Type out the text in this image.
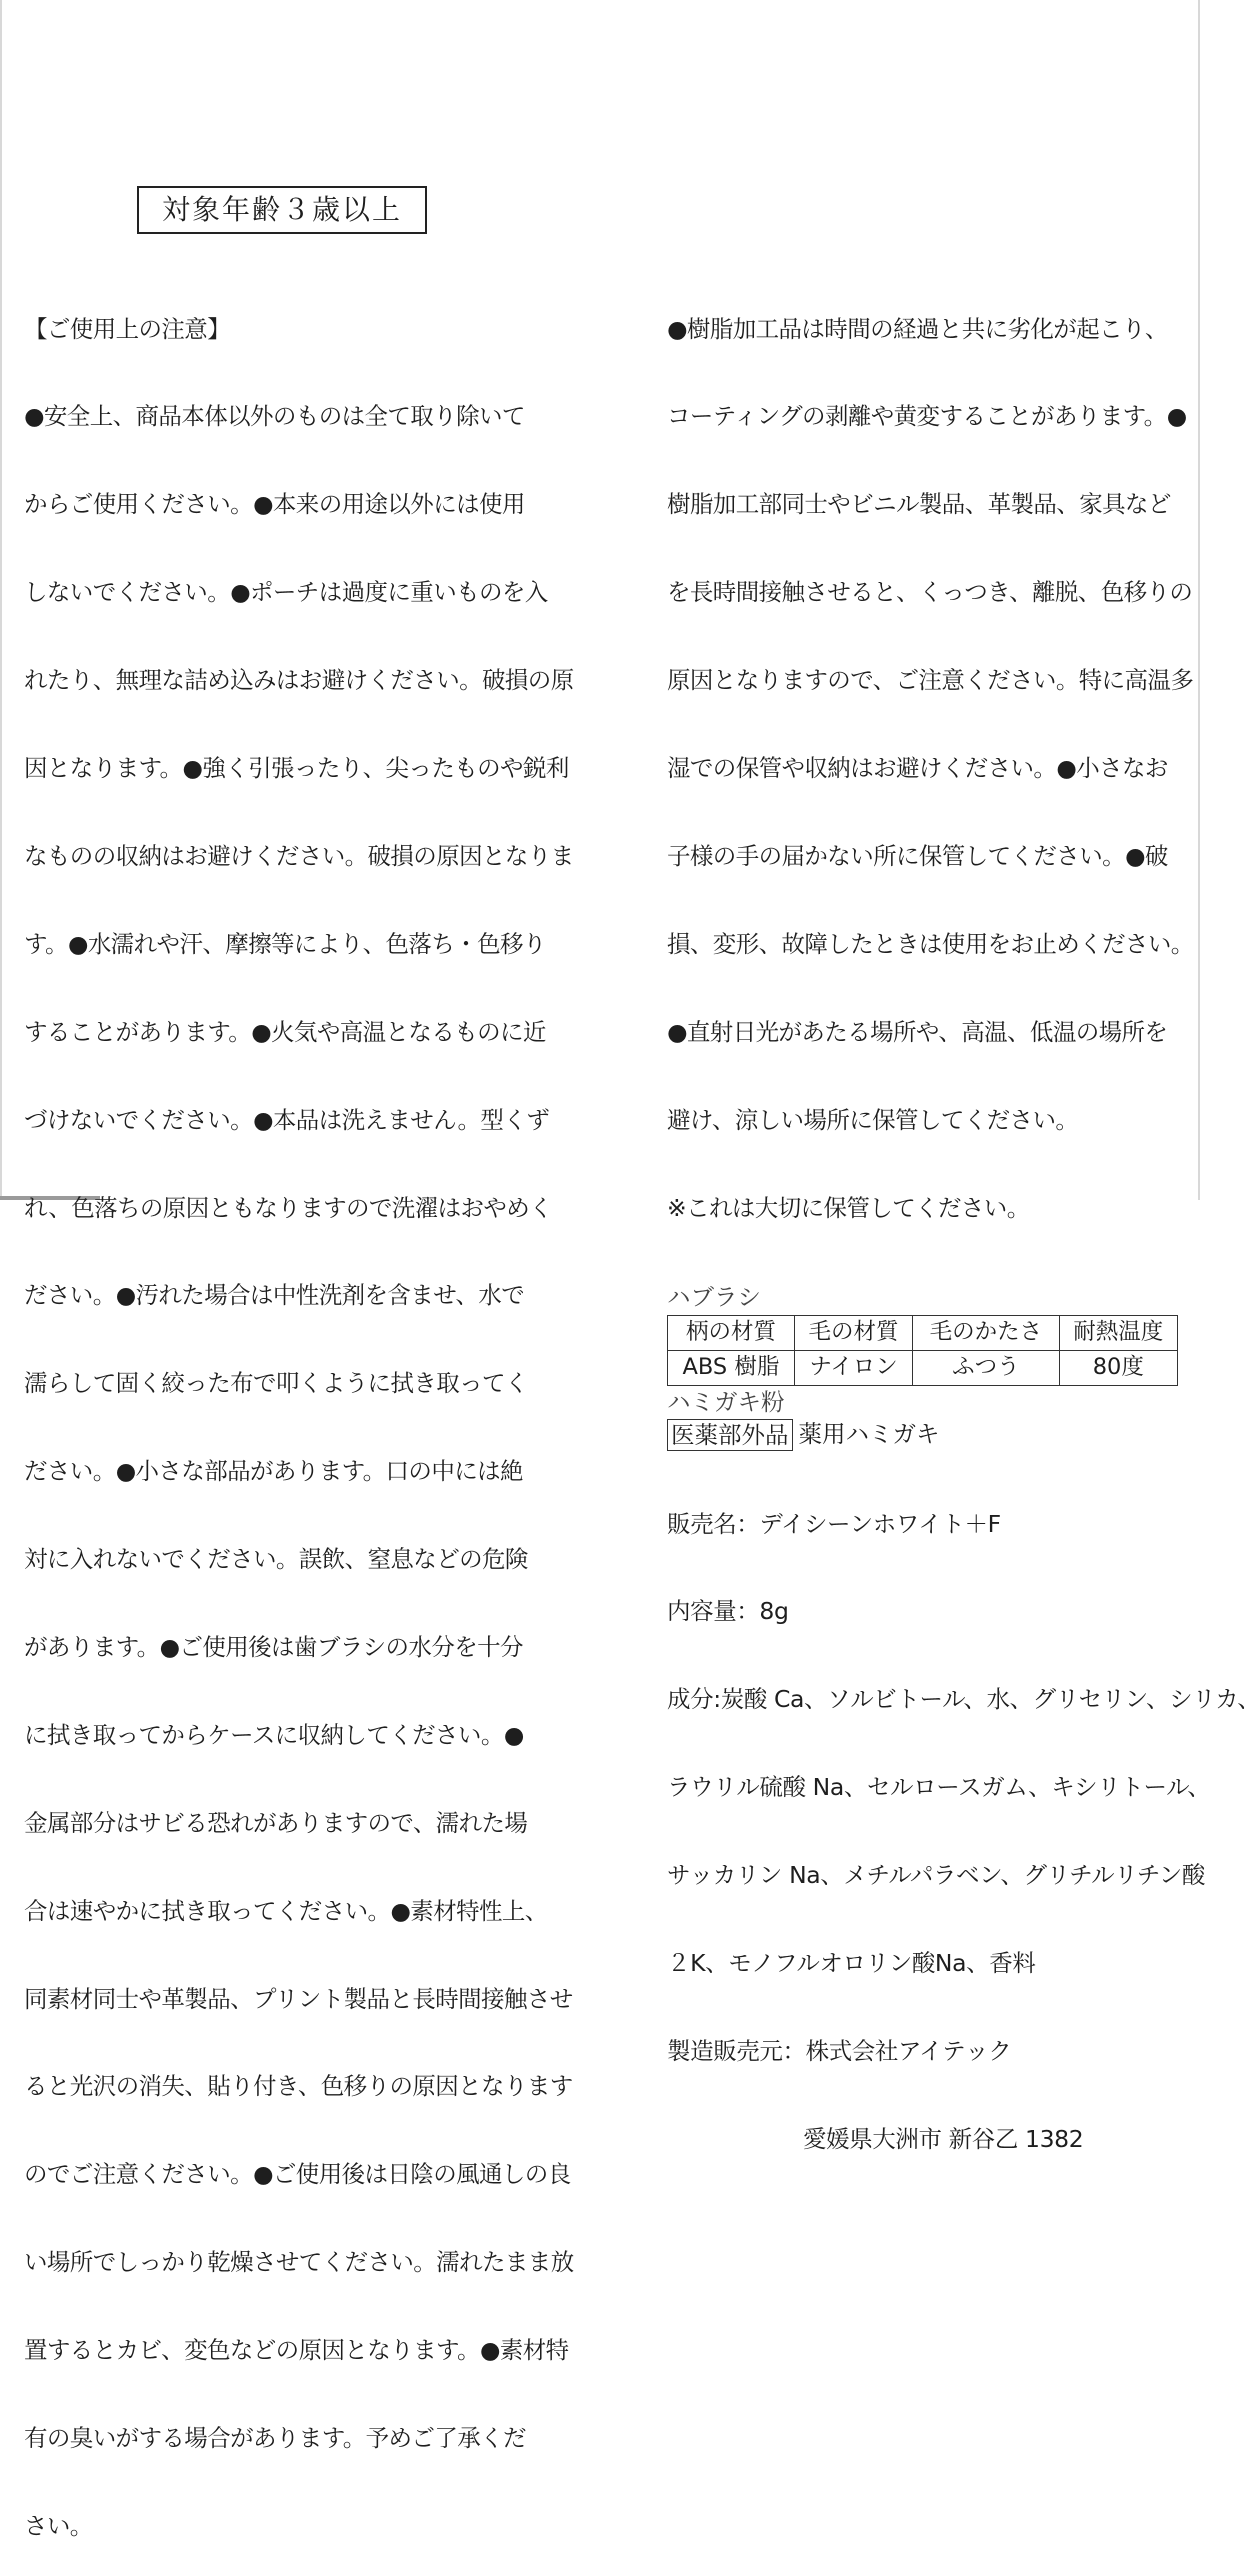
対象年齢３歳以上

【ご使用上の注意】

●安全上、商品本体以外のものは全て取り除いて

からご使用ください。●本来の用途以外には使用

しないでください。●ポーチは過度に重いものを入

れたり、無理な詰め込みはお避けください。破損の原

因となります。●強く引張ったり、尖ったものや鋭利

なものの収納はお避けください。破損の原因となりま

す。●水濡れや汗、摩擦等により、色落ち・色移り

することがあります。●火気や高温となるものに近

づけないでください。●本品は洗えません。型くず

れ、色落ちの原因ともなりますので洗濯はおやめく

ださい。●汚れた場合は中性洗剤を含ませ、水で

濡らして固く絞った布で叩くように拭き取ってく

ださい。●小さな部品があります。口の中には絶

対に入れないでください。誤飲、窒息などの危険

があります。●ご使用後は歯ブラシの水分を十分

に拭き取ってからケースに収納してください。●

金属部分はサビる恐れがありますので、濡れた場

合は速やかに拭き取ってください。●素材特性上、

同素材同士や革製品、プリント製品と長時間接触させ

ると光沢の消失、貼り付き、色移りの原因となります

のでご注意ください。●ご使用後は日陰の風通しの良

い場所でしっかり乾燥させてください。濡れたまま放

置するとカビ、変色などの原因となります。●素材特

有の臭いがする場合があります。予めご了承くだ

さい。

●樹脂加工品は時間の経過と共に劣化が起こり、

コーティングの剥離や黄変することがあります。●

樹脂加工部同士やビニル製品、革製品、家具など

を長時間接触させると、くっつき、離脱、色移りの

原因となりますので、ご注意ください。特に高温多

湿での保管や収納はお避けください。●小さなお

子様の手の届かない所に保管してください。●破

損、変形、故障したときは使用をお止めください。

●直射日光があたる場所や、高温、低温の場所を

避け、涼しい場所に保管してください。

※これは大切に保管してください。

ハブラシ
柄の材質	毛の材質	毛のかたさ	耐熱温度
ABS 樹脂	ナイロン	ふつう	80度
ハミガキ粉
医薬部外品 薬用ハミガキ

販売名：デイシーンホワイト＋F

内容量：8g

成分:炭酸 Ca、ソルビトール、水、グリセリン、シリカ、

ラウリル硫酸 Na、セルロースガム、キシリトール、

サッカリン Na、メチルパラベン、グリチルリチン酸

２K、モノフルオロリン酸Na、香料

製造販売元：株式会社アイテック

愛媛県大洲市 新谷乙 1382
